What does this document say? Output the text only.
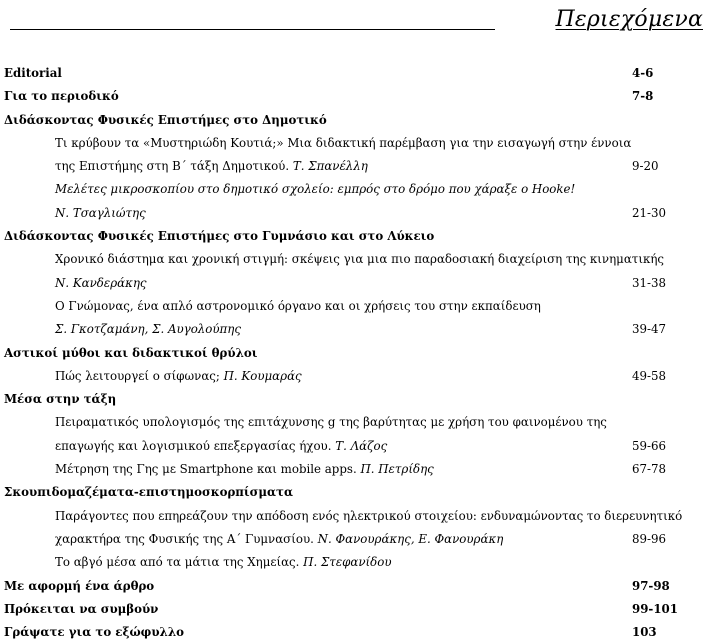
Περιεχόμενα
Editorial	4-6
Για το περιοδικό	7-8
Διδάσκοντας Φυσικές Επιστήμες στο Δημοτικό
Τι κρύβουν τα «Μυστηριώδη Κουτιά;» Μια διδακτική παρέμβαση για την εισαγωγή στην έννοια
της Επιστήμης στη Β΄ τάξη Δημοτικού. Τ. Σπανέλλη	9-20
Μελέτες μικροσκοπίου στο δημοτικό σχολείο: εμπρός στο δρόμο που χάραξε ο Hooke!
Ν. Τσαγλιώτης	21-30
Διδάσκοντας Φυσικές Επιστήμες στο Γυμνάσιο και στο Λύκειο
Χρονικό διάστημα και χρονική στιγμή: σκέψεις για μια πιο παραδοσιακή διαχείριση της κινηματικής
Ν. Κανδεράκης	31-38
Ο Γνώμονας, ένα απλό αστρονομικό όργανο και οι χρήσεις του στην εκπαίδευση
Σ. Γκοτζαμάνη, Σ. Αυγολούπης	39-47
Αστικοί μύθοι και διδακτικοί θρύλοι
Πώς λειτουργεί ο σίφωνας; Π. Κουμαράς	49-58
Μέσα στην τάξη
Πειραματικός υπολογισμός της επιτάχυνσης g της βαρύτητας με χρήση του φαινομένου της
επαγωγής και λογισμικού επεξεργασίας ήχου. Τ. Λάζος	59-66
Μέτρηση της Γης με Smartphone και mobile apps. Π. Πετρίδης	67-78
Σκουπιδομαζέματα-επιστημοσκορπίσματα
Παράγοντες που επηρεάζουν την απόδοση ενός ηλεκτρικού στοιχείου: ενδυναμώνοντας το διερευνητικό
χαρακτήρα της Φυσικής της Α΄ Γυμνασίου. Ν. Φανουράκης, Ε. Φανουράκη	89-96
Το αβγό μέσα από τα μάτια της Χημείας. Π. Στεφανίδου
Με αφορμή ένα άρθρο	97-98
Πρόκειται να συμβούν	99-101
Γράψατε για το εξώφυλλο	103
